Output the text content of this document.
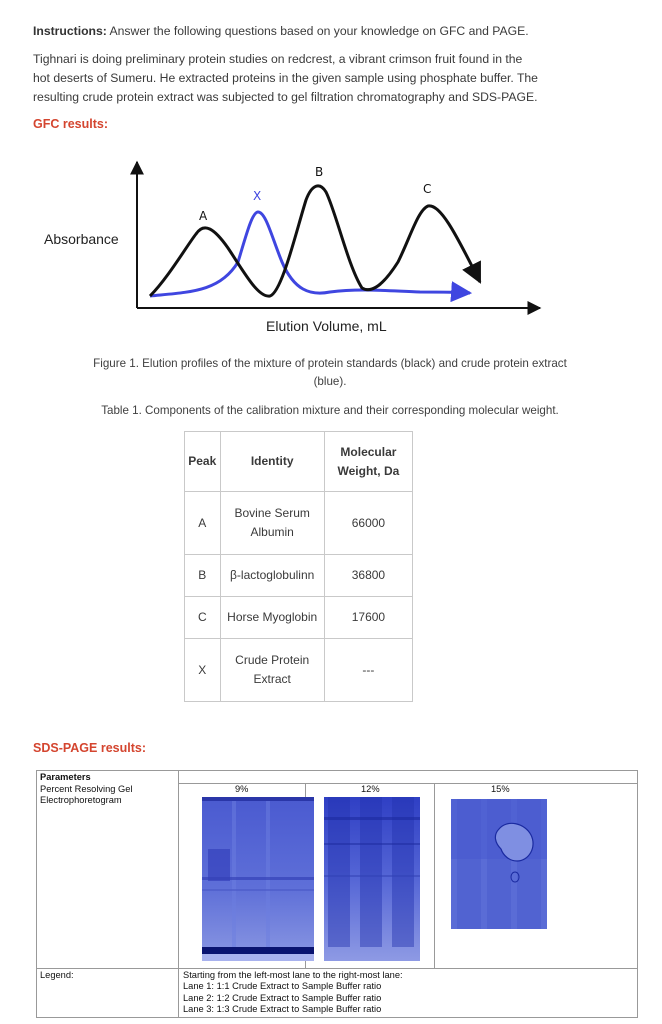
Instructions: Answer the following questions based on your knowledge on GFC and PAGE.
Tighnari is doing preliminary protein studies on redcrest, a vibrant crimson fruit found in the
hot deserts of Sumeru. He extracted proteins in the given sample using phosphate buffer. The
resulting crude protein extract was subjected to gel filtration chromatography and SDS-PAGE.
GFC results:
Absorbance
Elution Volume, mL
A
X
B
C
Figure 1. Elution profiles of the mixture of protein standards (black) and crude protein extract
(blue).
Table 1. Components of the calibration mixture and their corresponding molecular weight.
Peak	Identity	Molecular
Weight, Da

A	Bovine Serum
Albumin	66000
B	β-lactoglobulinn	36800
C	Horse Myoglobin	17600
X	Crude Protein
Extract	---
SDS-PAGE results:
Parameters
Percent Resolving Gel
Electrophoretogram
9%	12%	15%
Legend:	Starting from the left-most lane to the right-most lane:
Lane 1: 1:1 Crude Extract to Sample Buffer ratio
Lane 2: 1:2 Crude Extract to Sample Buffer ratio
Lane 3: 1:3 Crude Extract to Sample Buffer ratio
